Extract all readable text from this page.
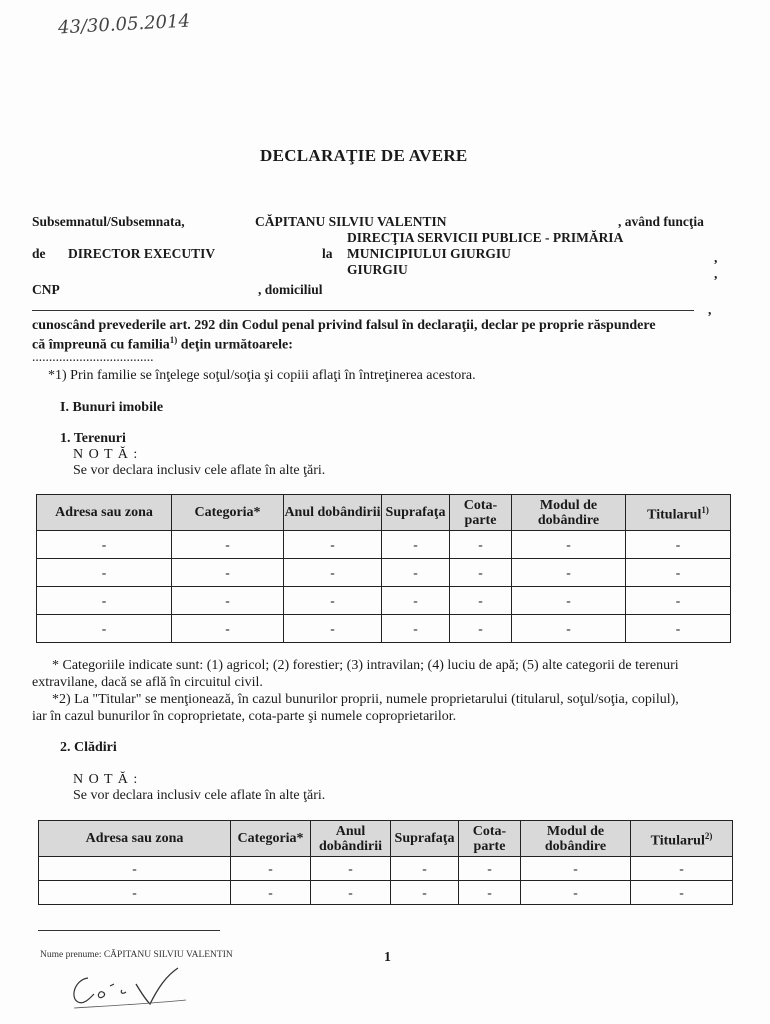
43/30.05.2014
DECLARAŢIE DE AVERE
Subsemnatul/Subsemnata,	CĂPITANU SILVIU VALENTIN	, având funcţia
DIRECŢIA SERVICII PUBLICE - PRIMĂRIA
de DIRECTOR EXECUTIV	la MUNICIPIULUI GIURGIU	,
GIURGIU	,
CNP	, domiciliul
,
cunoscând prevederile art. 292 din Codul penal privind falsul în declaraţii, declar pe proprie răspundere
că împreună cu familia$^{1)}$ deţin următoarele:
....................................
*1) Prin familie se înţelege soţul/soţia şi copiii aflaţi în întreţinerea acestora.
I. Bunuri imobile
1. Terenuri
N O T Ă :
Se vor declara inclusiv cele aflate în alte ţări.
Adresa sau zona	Categoria*	Anul dobândirii	Suprafaţa	Cota-parte	Modul de dobândire	Titularul$^{1)}$
-	-	-	-	-	-	-
-	-	-	-	-	-	-
-	-	-	-	-	-	-
-	-	-	-	-	-	-
* Categoriile indicate sunt: (1) agricol; (2) forestier; (3) intravilan; (4) luciu de apă; (5) alte categorii de terenuri
extravilane, dacă se află în circuitul civil.
*2) La "Titular" se menţionează, în cazul bunurilor proprii, numele proprietarului (titularul, soţul/soţia, copilul),
iar în cazul bunurilor în coproprietate, cota-parte şi numele coproprietarilor.
2. Clădiri
N O T Ă :
Se vor declara inclusiv cele aflate în alte ţări.
Adresa sau zona	Categoria*	Anul dobândirii	Suprafaţa	Cota-parte	Modul de dobândire	Titularul$^{2)}$
-	-	-	-	-	-	-
-	-	-	-	-	-	-
Nume prenume: CĂPITANU SILVIU VALENTIN	1
